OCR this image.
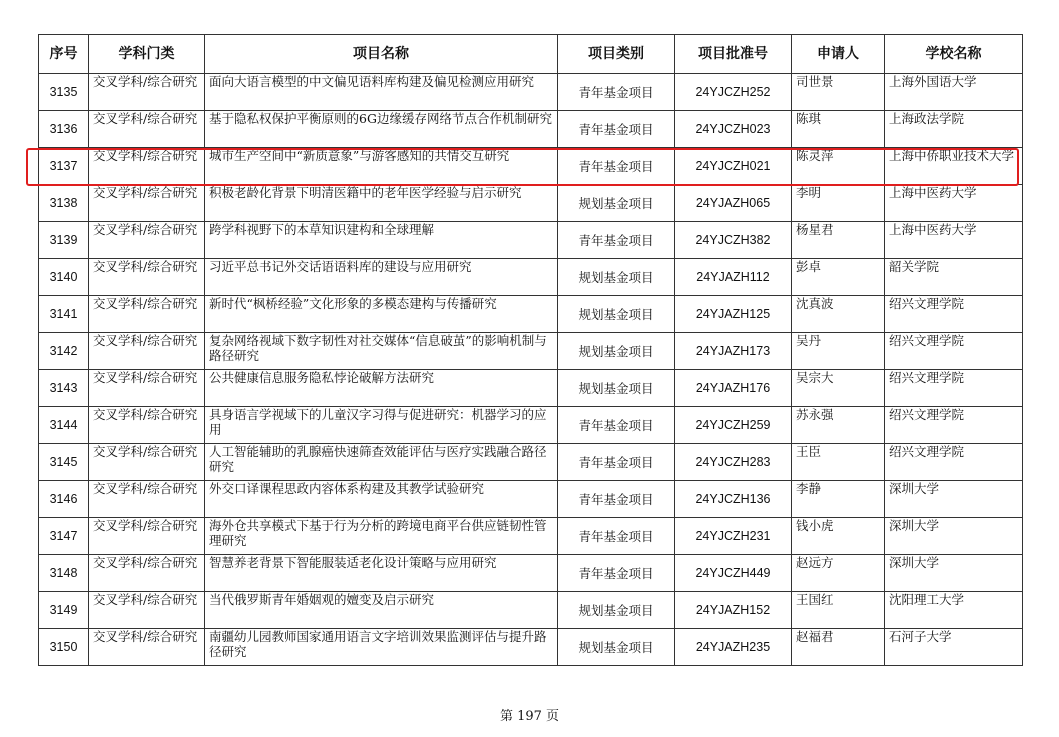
序号	学科门类	项目名称	项目类别	项目批准号	申请人	学校名称
3135	交叉学科/综合研究	面向大语言模型的中文偏见语料库构建及偏见检测应用研究	青年基金项目	24YJCZH252	司世景	上海外国语大学
3136	交叉学科/综合研究	基于隐私权保护平衡原则的6G边缘缓存网络节点合作机制研究	青年基金项目	24YJCZH023	陈琪	上海政法学院
3137	交叉学科/综合研究	城市生产空间中“新质意象”与游客感知的共情交互研究	青年基金项目	24YJCZH021	陈灵萍	上海中侨职业技术大学
3138	交叉学科/综合研究	积极老龄化背景下明清医籍中的老年医学经验与启示研究	规划基金项目	24YJAZH065	李明	上海中医药大学
3139	交叉学科/综合研究	跨学科视野下的本草知识建构和全球理解	青年基金项目	24YJCZH382	杨星君	上海中医药大学
3140	交叉学科/综合研究	习近平总书记外交话语语料库的建设与应用研究	规划基金项目	24YJAZH112	彭卓	韶关学院
3141	交叉学科/综合研究	新时代“枫桥经验”文化形象的多模态建构与传播研究	规划基金项目	24YJAZH125	沈真波	绍兴文理学院
3142	交叉学科/综合研究	复杂网络视域下数字韧性对社交媒体“信息破茧”的影响机制与路径研究	规划基金项目	24YJAZH173	吴丹	绍兴文理学院
3143	交叉学科/综合研究	公共健康信息服务隐私悖论破解方法研究	规划基金项目	24YJAZH176	吴宗大	绍兴文理学院
3144	交叉学科/综合研究	具身语言学视域下的儿童汉字习得与促进研究：机器学习的应用	青年基金项目	24YJCZH259	苏永强	绍兴文理学院
3145	交叉学科/综合研究	人工智能辅助的乳腺癌快速筛查效能评估与医疗实践融合路径研究	青年基金项目	24YJCZH283	王臣	绍兴文理学院
3146	交叉学科/综合研究	外交口译课程思政内容体系构建及其教学试验研究	青年基金项目	24YJCZH136	李静	深圳大学
3147	交叉学科/综合研究	海外仓共享模式下基于行为分析的跨境电商平台供应链韧性管理研究	青年基金项目	24YJCZH231	钱小虎	深圳大学
3148	交叉学科/综合研究	智慧养老背景下智能服装适老化设计策略与应用研究	青年基金项目	24YJCZH449	赵远方	深圳大学
3149	交叉学科/综合研究	当代俄罗斯青年婚姻观的嬗变及启示研究	规划基金项目	24YJAZH152	王国红	沈阳理工大学
3150	交叉学科/综合研究	南疆幼儿园教师国家通用语言文字培训效果监测评估与提升路径研究	规划基金项目	24YJAZH235	赵福君	石河子大学
第 197 页
